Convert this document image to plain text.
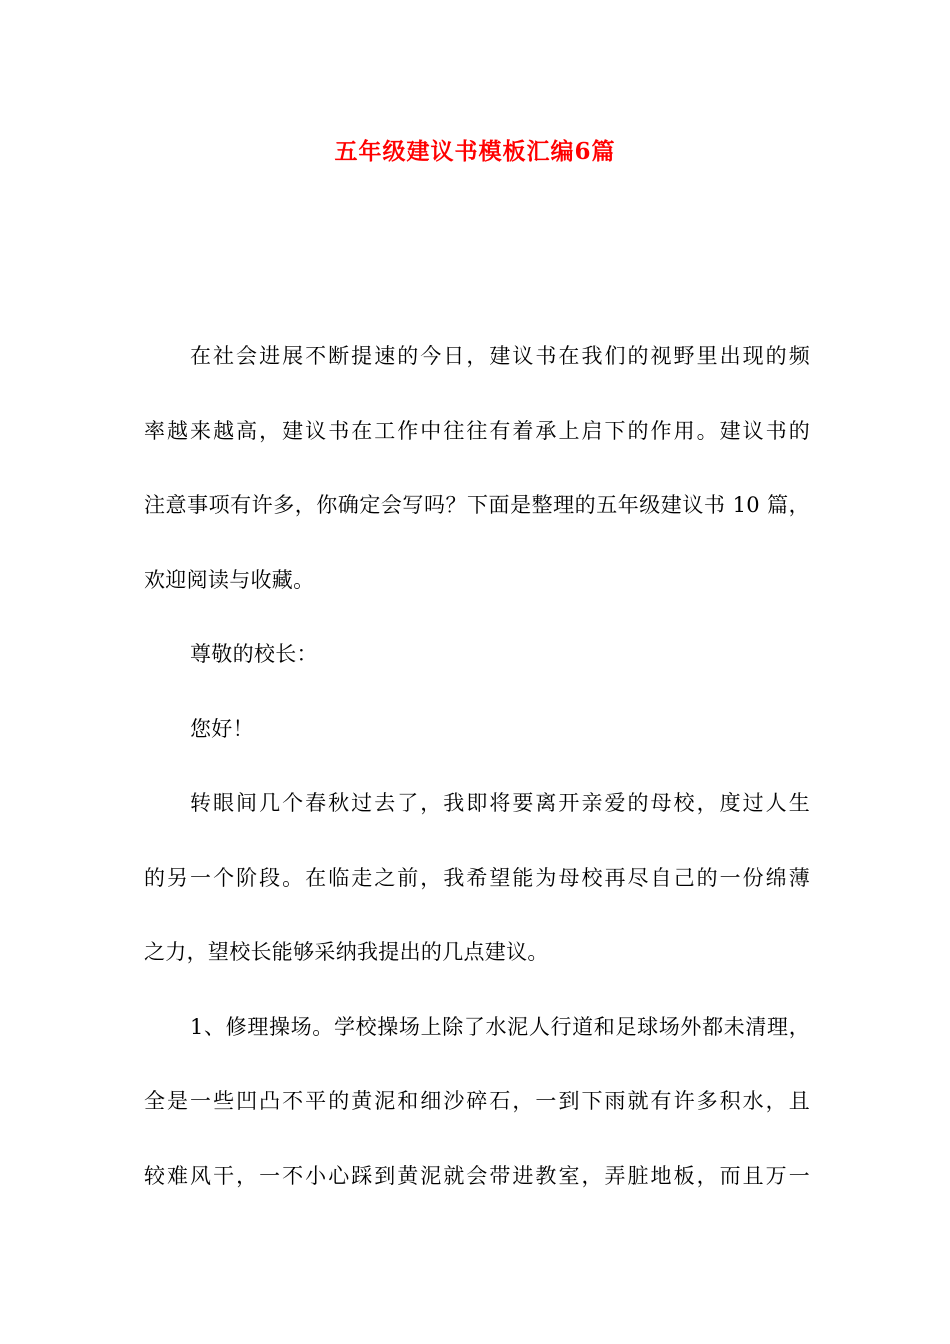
五年级建议书模板汇编6篇

在社会进展不断提速的今日，建议书在我们的视野里出现的频
率越来越高，建议书在工作中往往有着承上启下的作用。建议书的
注意事项有许多，你确定会写吗？下面是整理的五年级建议书 10 篇，
欢迎阅读与收藏。

尊敬的校长：

您好！

转眼间几个春秋过去了，我即将要离开亲爱的母校，度过人生
的另一个阶段。在临走之前，我希望能为母校再尽自己的一份绵薄
之力，望校长能够采纳我提出的几点建议。

1、修理操场。学校操场上除了水泥人行道和足球场外都未清理，
全是一些凹凸不平的黄泥和细沙碎石，一到下雨就有许多积水，且
较难风干，一不小心踩到黄泥就会带进教室，弄脏地板，而且万一
